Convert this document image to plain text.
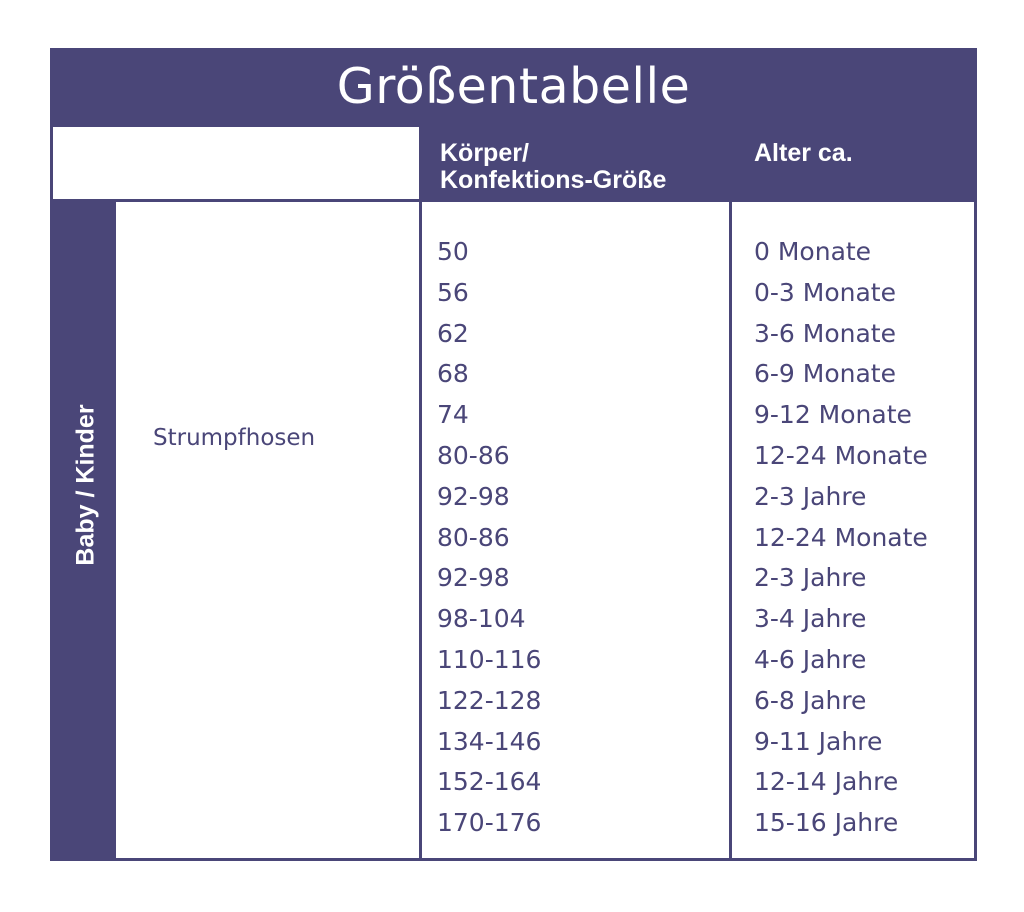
Größentabelle
Körper/
Konfektions-Größe
Alter ca.
Baby / Kinder Strumpfhosen
50
56
62
68
74
80-86
92-98
80-86
92-98
98-104
110-116
122-128
134-146
152-164
170-176
0 Monate
0-3 Monate
3-6 Monate
6-9 Monate
9-12 Monate
12-24 Monate
2-3 Jahre
12-24 Monate
2-3 Jahre
3-4 Jahre
4-6 Jahre
6-8 Jahre
9-11 Jahre
12-14 Jahre
15-16 Jahre
